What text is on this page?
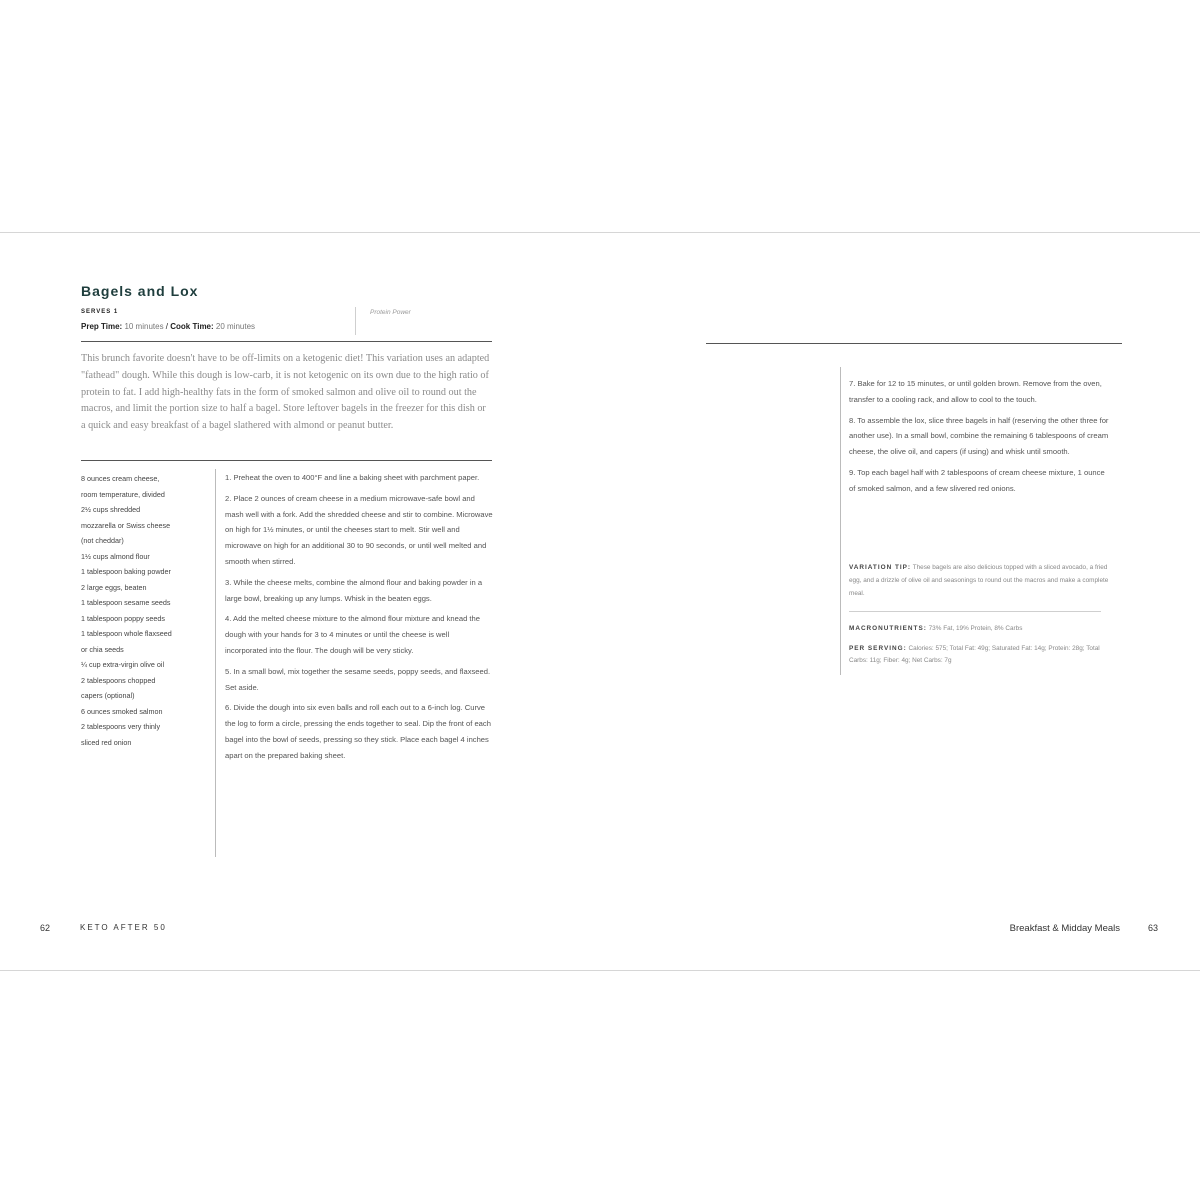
Bagels and Lox
SERVES 1
Prep Time: 10 minutes / Cook Time: 20 minutes
Protein Power

This brunch favorite doesn't have to be off-limits on a ketogenic diet! This variation uses an adapted "fathead" dough. While this dough is low-carb, it is not ketogenic on its own due to the high ratio of protein to fat. I add high-healthy fats in the form of smoked salmon and olive oil to round out the macros, and limit the portion size to half a bagel. Store leftover bagels in the freezer for this dish or a quick and easy breakfast of a bagel slathered with almond or peanut butter.

8 ounces cream cheese,
room temperature, divided
2½ cups shredded
mozzarella or Swiss cheese
(not cheddar)
1½ cups almond flour
1 tablespoon baking powder
2 large eggs, beaten
1 tablespoon sesame seeds
1 tablespoon poppy seeds
1 tablespoon whole flaxseed
or chia seeds
¼ cup extra-virgin olive oil
2 tablespoons chopped
capers (optional)
6 ounces smoked salmon
2 tablespoons very thinly
sliced red onion
1. Preheat the oven to 400°F and line a baking sheet with parchment paper.
2. Place 2 ounces of cream cheese in a medium microwave-safe bowl and mash well with a fork. Add the shredded cheese and stir to combine. Microwave on high for 1½ minutes, or until the cheeses start to melt. Stir well and microwave on high for an additional 30 to 90 seconds, or until well melted and smooth when stirred.
3. While the cheese melts, combine the almond flour and baking powder in a large bowl, breaking up any lumps. Whisk in the beaten eggs.
4. Add the melted cheese mixture to the almond flour mixture and knead the dough with your hands for 3 to 4 minutes or until the cheese is well incorporated into the flour. The dough will be very sticky.
5. In a small bowl, mix together the sesame seeds, poppy seeds, and flaxseed. Set aside.
6. Divide the dough into six even balls and roll each out to a 6-inch log. Curve the log to form a circle, pressing the ends together to seal. Dip the front of each bagel into the bowl of seeds, pressing so they stick. Place each bagel 4 inches apart on the prepared baking sheet.
62	KETO AFTER 50
7. Bake for 12 to 15 minutes, or until golden brown. Remove from the oven, transfer to a cooling rack, and allow to cool to the touch.
8. To assemble the lox, slice three bagels in half (reserving the other three for another use). In a small bowl, combine the remaining 6 tablespoons of cream cheese, the olive oil, and capers (if using) and whisk until smooth.
9. Top each bagel half with 2 tablespoons of cream cheese mixture, 1 ounce of smoked salmon, and a few slivered red onions.

VARIATION TIP: These bagels are also delicious topped with a sliced avocado, a fried egg, and a drizzle of olive oil and seasonings to round out the macros and make a complete meal.

MACRONUTRIENTS: 73% Fat, 19% Protein, 8% Carbs

PER SERVING: Calories: 575; Total Fat: 49g; Saturated Fat: 14g; Protein: 28g; Total Carbs: 11g; Fiber: 4g; Net Carbs: 7g

Breakfast & Midday Meals	63
